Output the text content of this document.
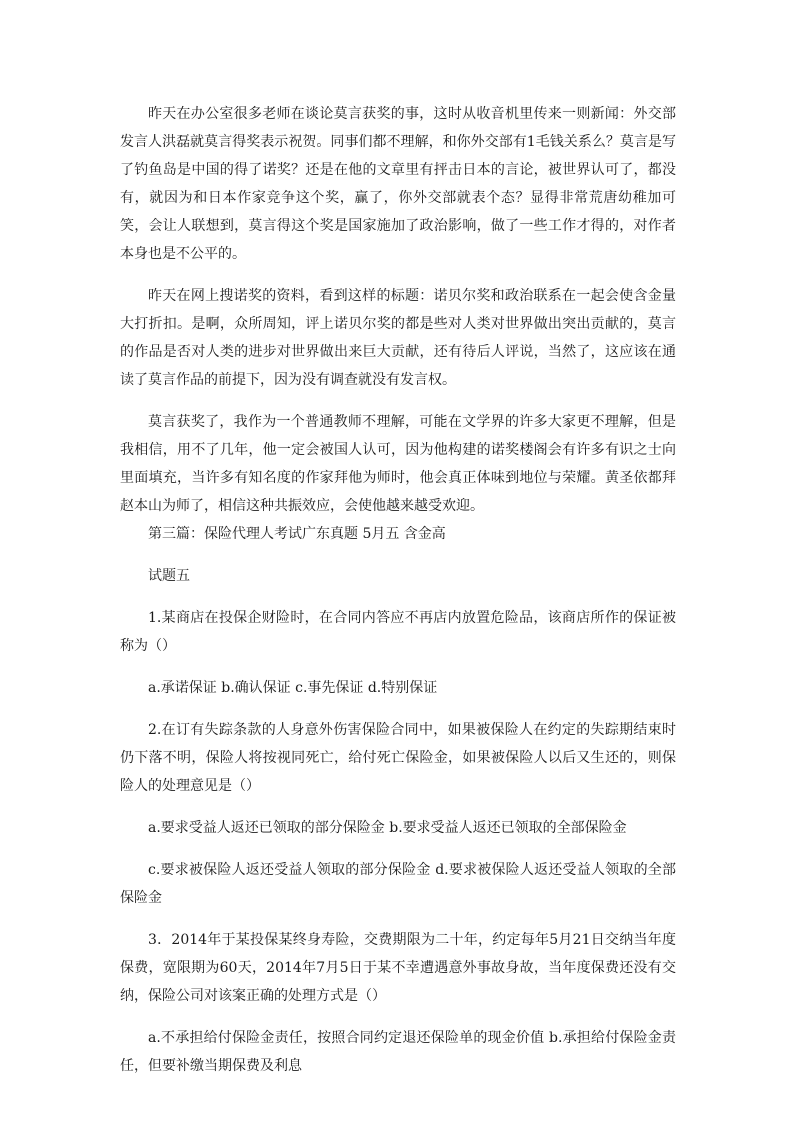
昨天在办公室很多老师在谈论莫言获奖的事，这时从收音机里传来一则新闻：外交部发言人洪磊就莫言得奖表示祝贺。同事们都不理解，和你外交部有1毛钱关系么？莫言是写了钓鱼岛是中国的得了诺奖？还是在他的文章里有抨击日本的言论，被世界认可了，都没有，就因为和日本作家竞争这个奖，赢了，你外交部就表个态？显得非常荒唐幼稚加可笑，会让人联想到，莫言得这个奖是国家施加了政治影响，做了一些工作才得的，对作者本身也是不公平的。

昨天在网上搜诺奖的资料，看到这样的标题：诺贝尔奖和政治联系在一起会使含金量大打折扣。是啊，众所周知，评上诺贝尔奖的都是些对人类对世界做出突出贡献的，莫言的作品是否对人类的进步对世界做出来巨大贡献，还有待后人评说，当然了，这应该在通读了莫言作品的前提下，因为没有调查就没有发言权。

莫言获奖了，我作为一个普通教师不理解，可能在文学界的许多大家更不理解，但是我相信，用不了几年，他一定会被国人认可，因为他构建的诺奖楼阁会有许多有识之士向里面填充，当许多有知名度的作家拜他为师时，他会真正体味到地位与荣耀。黄圣依都拜赵本山为师了，相信这种共振效应，会使他越来越受欢迎。

第三篇：保险代理人考试广东真题 5月五 含金高

试题五

1.某商店在投保企财险时，在合同内答应不再店内放置危险品，该商店所作的保证被称为（）

a.承诺保证 b.确认保证 c.事先保证 d.特别保证

2.在订有失踪条款的人身意外伤害保险合同中，如果被保险人在约定的失踪期结束时仍下落不明，保险人将按视同死亡，给付死亡保险金，如果被保险人以后又生还的，则保险人的处理意见是（）

a.要求受益人返还已领取的部分保险金 b.要求受益人返还已领取的全部保险金

c.要求被保险人返还受益人领取的部分保险金 d.要求被保险人返还受益人领取的全部保险金

3．2014年于某投保某终身寿险，交费期限为二十年，约定每年5月21日交纳当年度保费，宽限期为60天，2014年7月5日于某不幸遭遇意外事故身故，当年度保费还没有交纳，保险公司对该案正确的处理方式是（）

a.不承担给付保险金责任，按照合同约定退还保险单的现金价值 b.承担给付保险金责任，但要补缴当期保费及利息
